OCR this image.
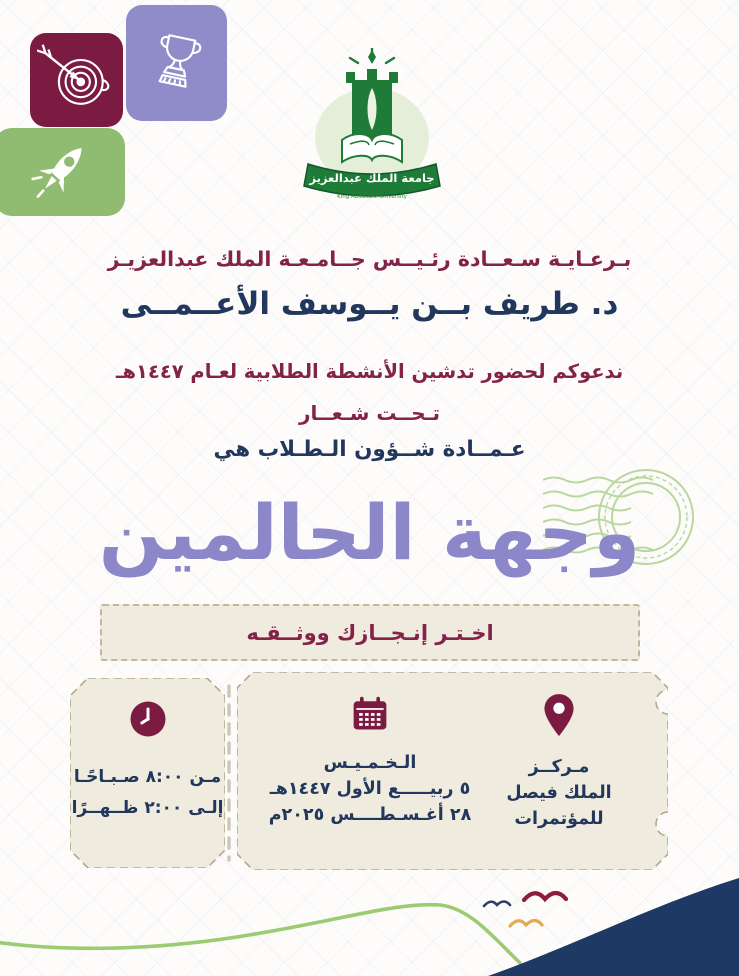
جامعة الملك عبدالعزيز
King Abdulaziz University
بـرعـايـة سـعــادة رئـيــس جــامـعـة الملك عبدالعزيـز
د. طريف بــن يــوسف الأعــمــى
ندعوكم لحضور تدشين الأنشطة الطلابية لعـام ١٤٤٧هـ
تـحــت شـعــار
عـمــادة شــؤون الـطـلاب هي
وجهة الحالمين
اخـتـر إنـجــازك ووثــقـه
مـركــز
الملك فيصل للمؤتمرات
الـخـمـيـس
٥ ربيـــــع الأول ١٤٤٧هـ
٢٨ أغـسـطــــس ٢٠٢٥م
مـن ٨:٠٠ صـبـاحًـا
إلـى ٢:٠٠ ظــهــرًا
